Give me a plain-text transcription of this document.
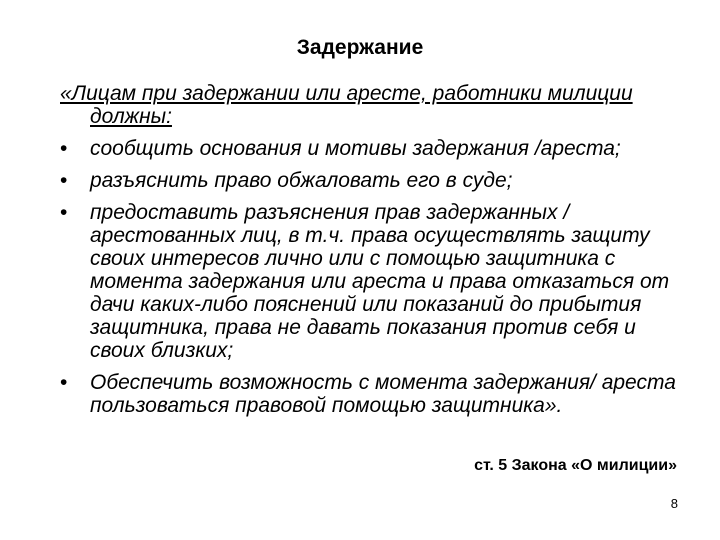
Задержание
«Лицам при задержании или аресте, работники милиции должны:
• сообщить основания и мотивы задержания /ареста;
• разъяснить право обжаловать его в суде;
• предоставить разъяснения прав задержанных /арестованных лиц, в т.ч. права осуществлять защиту своих интересов лично или с помощью защитника с момента задержания или ареста и права отказаться от дачи каких-либо пояснений или показаний до прибытия защитника, права не давать показания против себя и своих близких;
• Обеспечить возможность с момента задержания/ ареста пользоваться правовой помощью защитника».
ст. 5 Закона «О милиции»
8
